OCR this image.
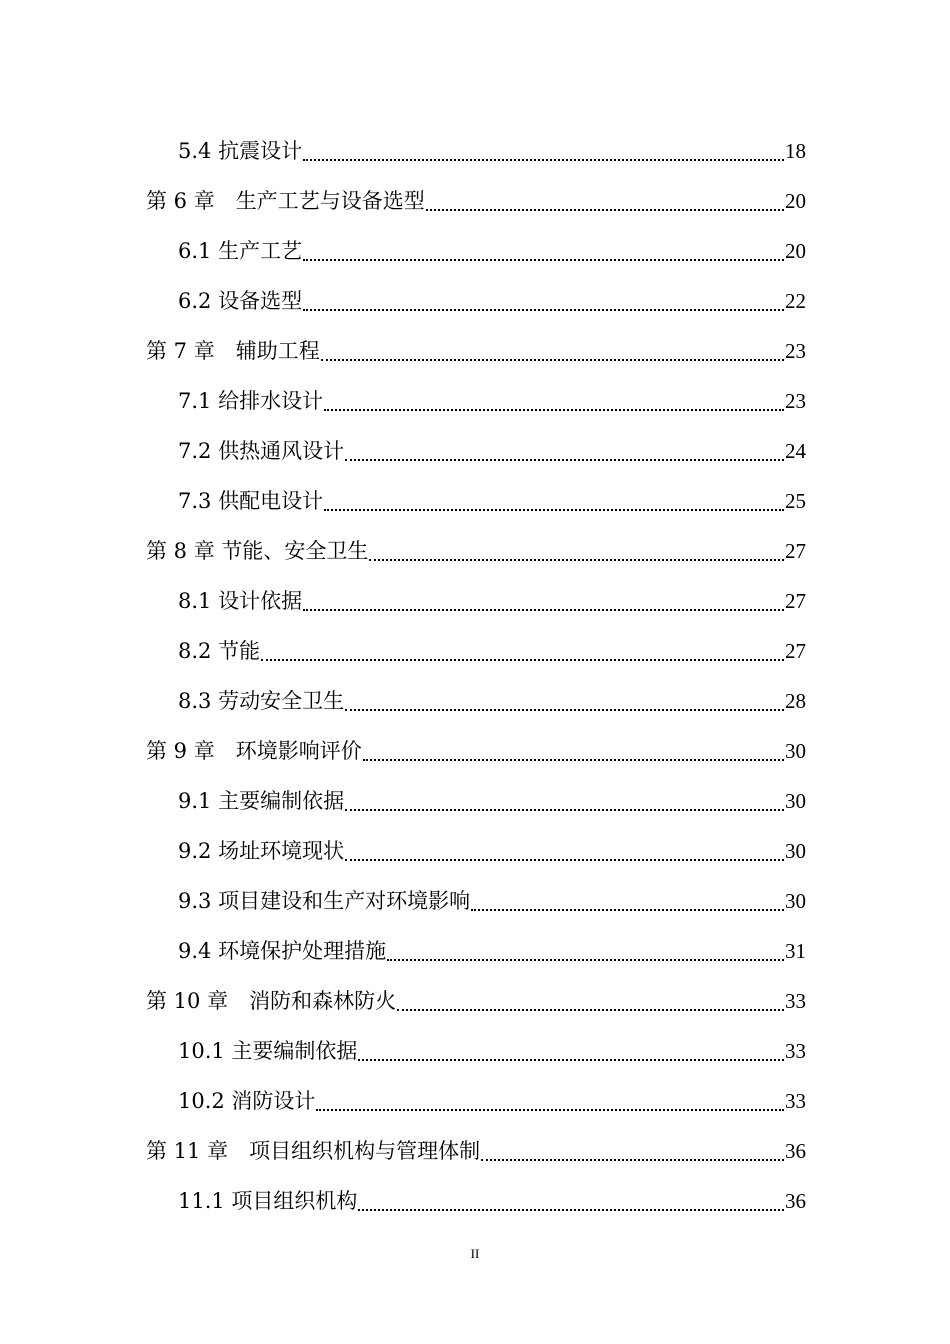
5.4 抗震设计	18
第 6 章　生产工艺与设备选型	20
6.1 生产工艺	20
6.2 设备选型	22
第 7 章　辅助工程	23
7.1 给排水设计	23
7.2 供热通风设计	24
7.3 供配电设计	25
第 8 章 节能、安全卫生	27
8.1 设计依据	27
8.2 节能	27
8.3 劳动安全卫生	28
第 9 章　环境影响评价	30
9.1 主要编制依据	30
9.2 场址环境现状	30
9.3 项目建设和生产对环境影响	30
9.4 环境保护处理措施	31
第 10 章　消防和森林防火	33
10.1 主要编制依据	33
10.2 消防设计	33
第 11 章　项目组织机构与管理体制	36
11.1 项目组织机构	36
II
